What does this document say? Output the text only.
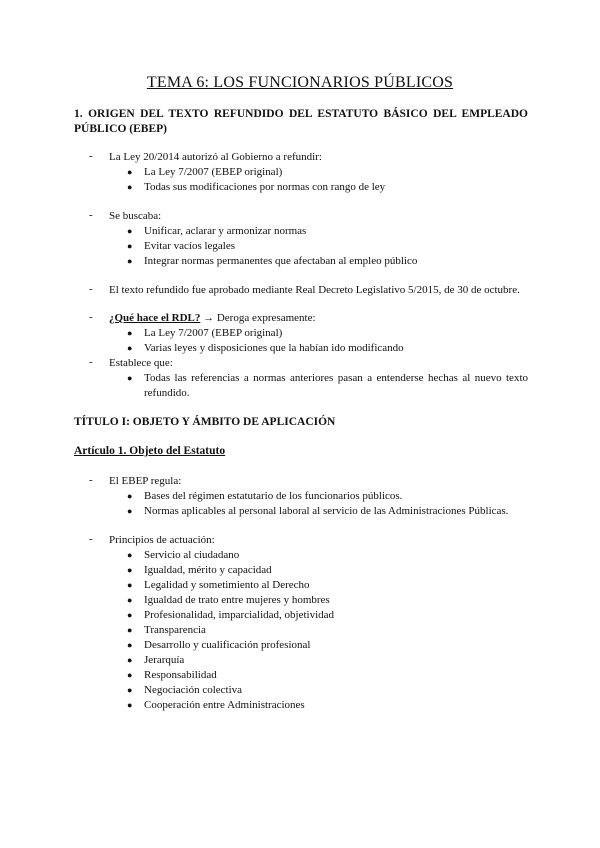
TEMA 6: LOS FUNCIONARIOS PÚBLICOS
1. ORIGEN DEL TEXTO REFUNDIDO DEL ESTATUTO BÁSICO DEL EMPLEADO PÚBLICO (EBEP)
- La Ley 20/2014 autorizó al Gobierno a refundir:
● La Ley 7/2007 (EBEP original)
● Todas sus modificaciones por normas con rango de ley
- Se buscaba:
● Unificar, aclarar y armonizar normas
● Evitar vacíos legales
● Integrar normas permanentes que afectaban al empleo público
- El texto refundido fue aprobado mediante Real Decreto Legislativo 5/2015, de 30 de octubre.
- ¿Qué hace el RDL? → Deroga expresamente:
● La Ley 7/2007 (EBEP original)
● Varias leyes y disposiciones que la habían ido modificando
- Establece que:
● Todas las referencias a normas anteriores pasan a entenderse hechas al nuevo texto refundido.
TÍTULO I: OBJETO Y ÁMBITO DE APLICACIÓN
Artículo 1. Objeto del Estatuto
- El EBEP regula:
● Bases del régimen estatutario de los funcionarios públicos.
● Normas aplicables al personal laboral al servicio de las Administraciones Públicas.
- Principios de actuación:
● Servicio al ciudadano
● Igualdad, mérito y capacidad
● Legalidad y sometimiento al Derecho
● Igualdad de trato entre mujeres y hombres
● Profesionalidad, imparcialidad, objetividad
● Transparencia
● Desarrollo y cualificación profesional
● Jerarquía
● Responsabilidad
● Negociación colectiva
● Cooperación entre Administraciones
